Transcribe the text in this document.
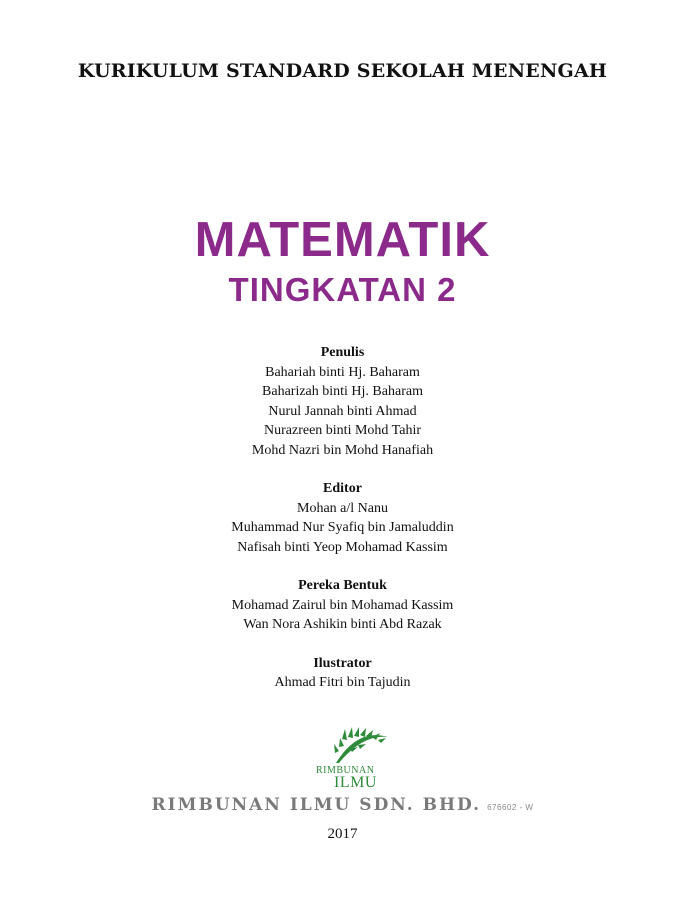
KURIKULUM STANDARD SEKOLAH MENENGAH
MATEMATIK
TINGKATAN 2
Penulis
Bahariah binti Hj. Baharam
Baharizah binti Hj. Baharam
Nurul Jannah binti Ahmad
Nurazreen binti Mohd Tahir
Mohd Nazri bin Mohd Hanafiah
Editor
Mohan a/l Nanu
Muhammad Nur Syafiq bin Jamaluddin
Nafisah binti Yeop Mohamad Kassim
Pereka Bentuk
Mohamad Zairul bin Mohamad Kassim
Wan Nora Ashikin binti Abd Razak
Ilustrator
Ahmad Fitri bin Tajudin
RIMBUNAN
ILMU
RIMBUNAN ILMU SDN. BHD. 676602 - W
2017
